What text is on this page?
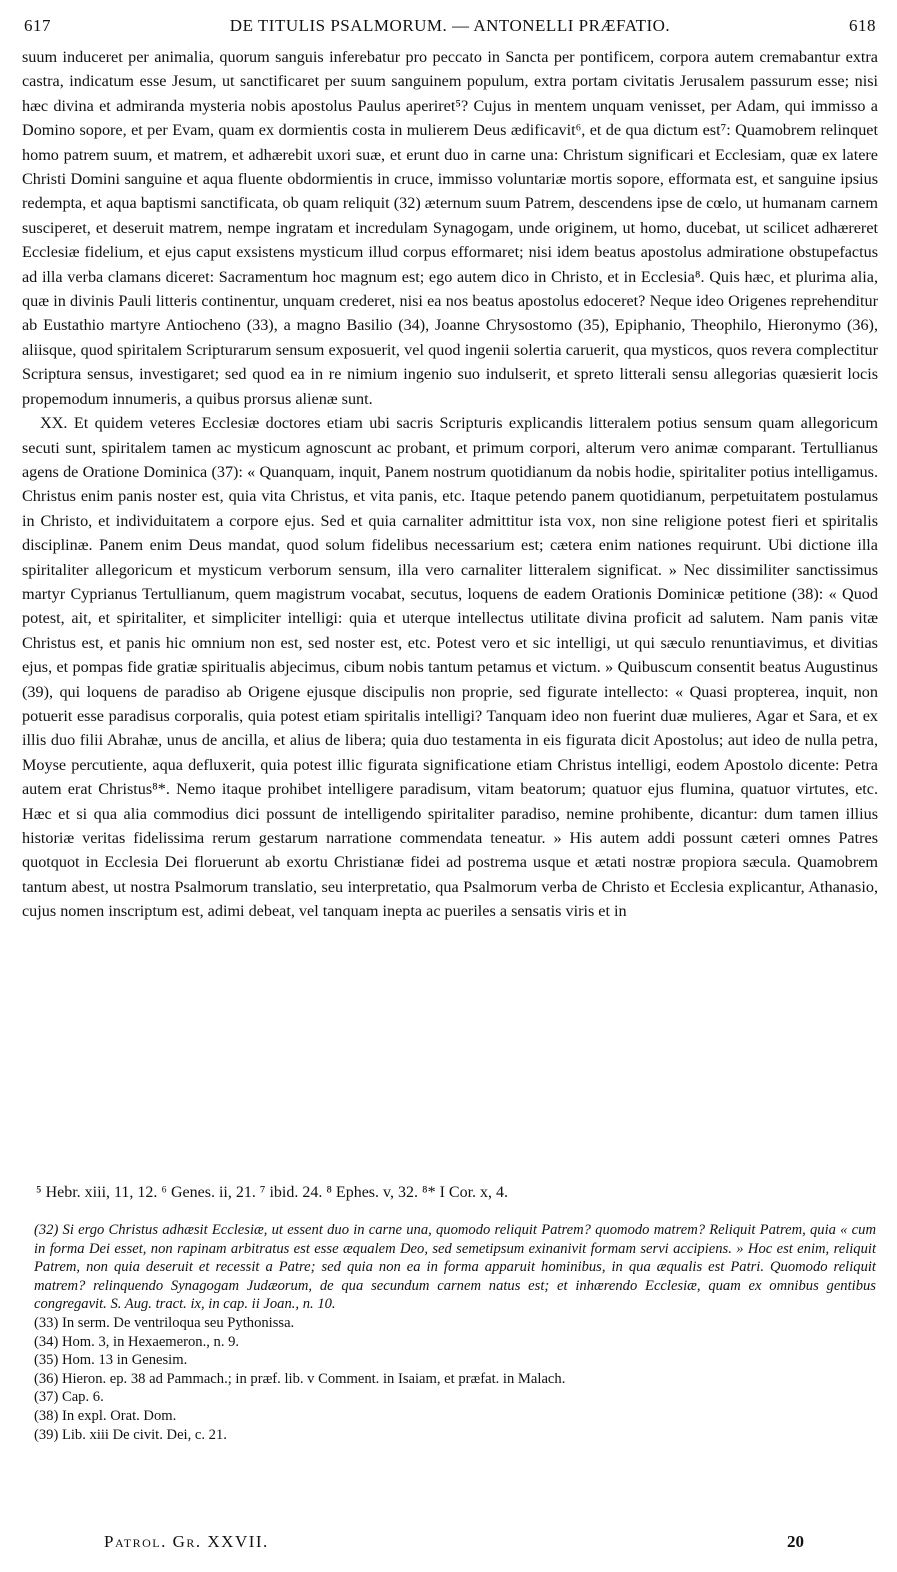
617	DE TITULIS PSALMORUM. — ANTONELLI PRÆFATIO.	618

suum induceret per animalia, quorum sanguis inferebatur pro peccato in Sancta per pontificem, corpora autem cremabantur extra castra, indicatum esse Jesum, ut sanctificaret per suum sanguinem populum, extra portam civitatis Jerusalem passurum esse; nisi hæc divina et admiranda mysteria nobis apostolus Paulus aperiret⁵? Cujus in mentem unquam venisset, per Adam, qui immisso a Domino sopore, et per Evam, quam ex dormientis costa in mulierem Deus ædificavit⁶, et de qua dictum est⁷: Quamobrem relinquet homo patrem suum, et matrem, et adhærebit uxori suæ, et erunt duo in carne una: Christum significari et Ecclesiam, quæ ex latere Christi Domini sanguine et aqua fluente obdormientis in cruce, immisso voluntariæ mortis sopore, efformata est, et sanguine ipsius redempta, et aqua baptismi sanctificata, ob quam reliquit (32) æternum suum Patrem, descendens ipse de cœlo, ut humanam carnem susciperet, et deseruit matrem, nempe ingratam et incredulam Synagogam, unde originem, ut homo, ducebat, ut scilicet adhæreret Ecclesiæ fidelium, et ejus caput exsistens mysticum illud corpus efformaret; nisi idem beatus apostolus admiratione obstupefactus ad illa verba clamans diceret: Sacramentum hoc magnum est; ego autem dico in Christo, et in Ecclesia⁸. Quis hæc, et plurima alia, quæ in divinis Pauli litteris continentur, unquam crederet, nisi ea nos beatus apostolus edoceret? Neque ideo Origenes reprehenditur ab Eustathio martyre Antiocheno (33), a magno Basilio (34), Joanne Chrysostomo (35), Epiphanio, Theophilo, Hieronymo (36), aliisque, quod spiritalem Scripturarum sensum exposuerit, vel quod ingenii solertia caruerit, qua mysticos, quos revera complectitur Scriptura sensus, investigaret; sed quod ea in re nimium ingenio suo indulserit, et spreto litterali sensu allegorias quæsierit locis propemodum innumeris, a quibus prorsus alienæ sunt.

XX. Et quidem veteres Ecclesiæ doctores etiam ubi sacris Scripturis explicandis litteralem potius sensum quam allegoricum secuti sunt, spiritalem tamen ac mysticum agnoscunt ac probant, et primum corpori, alterum vero animæ comparant. Tertullianus agens de Oratione Dominica (37): « Quanquam, inquit, Panem nostrum quotidianum da nobis hodie, spiritaliter potius intelligamus. Christus enim panis noster est, quia vita Christus, et vita panis, etc. Itaque petendo panem quotidianum, perpetuitatem postulamus in Christo, et individuitatem a corpore ejus. Sed et quia carnaliter admittitur ista vox, non sine religione potest fieri et spiritalis disciplinæ. Panem enim Deus mandat, quod solum fidelibus necessarium est; cætera enim nationes requirunt. Ubi dictione illa spiritaliter allegoricum et mysticum verborum sensum, illa vero carnaliter litteralem significat. » Nec dissimiliter sanctissimus martyr Cyprianus Tertullianum, quem magistrum vocabat, secutus, loquens de eadem Orationis Dominicæ petitione (38): « Quod potest, ait, et spiritaliter, et simpliciter intelligi: quia et uterque intellectus utilitate divina proficit ad salutem. Nam panis vitæ Christus est, et panis hic omnium non est, sed noster est, etc. Potest vero et sic intelligi, ut qui sæculo renuntiavimus, et divitias ejus, et pompas fide gratiæ spiritualis abjecimus, cibum nobis tantum petamus et victum. » Quibuscum consentit beatus Augustinus (39), qui loquens de paradiso ab Origene ejusque discipulis non proprie, sed figurate intellecto: « Quasi propterea, inquit, non potuerit esse paradisus corporalis, quia potest etiam spiritalis intelligi? Tanquam ideo non fuerint duæ mulieres, Agar et Sara, et ex illis duo filii Abrahæ, unus de ancilla, et alius de libera; quia duo testamenta in eis figurata dicit Apostolus; aut ideo de nulla petra, Moyse percutiente, aqua defluxerit, quia potest illic figurata significatione etiam Christus intelligi, eodem Apostolo dicente: Petra autem erat Christus⁸*. Nemo itaque prohibet intelligere paradisum, vitam beatorum; quatuor ejus flumina, quatuor virtutes, etc. Hæc et si qua alia commodius dici possunt de intelligendo spiritaliter paradiso, nemine prohibente, dicantur: dum tamen illius historiæ veritas fidelissima rerum gestarum narratione commendata teneatur. » His autem addi possunt cæteri omnes Patres quotquot in Ecclesia Dei floruerunt ab exortu Christianæ fidei ad postrema usque et ætati nostræ propiora sæcula. Quamobrem tantum abest, ut nostra Psalmorum translatio, seu interpretatio, qua Psalmorum verba de Christo et Ecclesia explicantur, Athanasio, cujus nomen inscriptum est, adimi debeat, vel tanquam inepta ac pueriles a sensatis viris et in

⁵ Hebr. xiii, 11, 12. ⁶ Genes. ii, 21. ⁷ ibid. 24. ⁸ Ephes. v, 32. ⁸* I Cor. x, 4.

(32) Si ergo Christus adhæsit Ecclesiæ, ut essent duo in carne una, quomodo reliquit Patrem? quomodo matrem? Reliquit Patrem, quia « cum in forma Dei esset, non rapinam arbitratus est esse æqualem Deo, sed semetipsum exinanivit formam servi accipiens. » Hoc est enim, reliquit Patrem, non quia deseruit et recessit a Patre; sed quia non ea in forma apparuit hominibus, in qua æqualis est Patri. Quomodo reliquit matrem? relinquendo Synagogam Judæorum, de qua secundum carnem natus est; et inhærendo Ecclesiæ, quam ex omnibus gentibus congregavit. S. Aug. tract. ix, in cap. ii Joan., n. 10.

(33) In serm. De ventriloqua seu Pythonissa.
(34) Hom. 3, in Hexaemeron., n. 9.
(35) Hom. 13 in Genesim.
(36) Hieron. ep. 38 ad Pammach.; in præf. lib. v Comment. in Isaiam, et præfat. in Malach.
(37) Cap. 6.
(38) In expl. Orat. Dom.
(39) Lib. xiii De civit. Dei, c. 21.
Patrol. Gr. XXVII.	20
